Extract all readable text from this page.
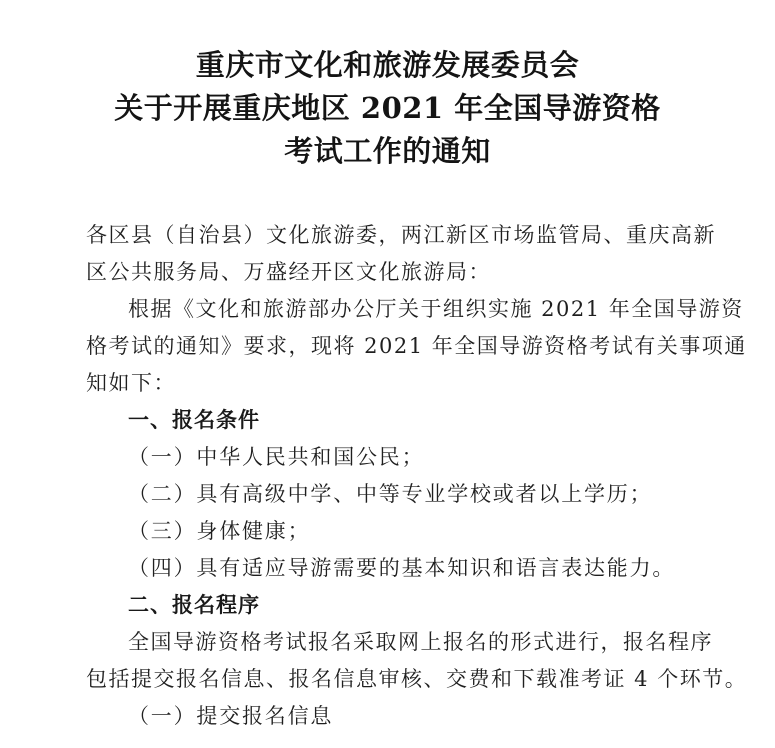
重庆市文化和旅游发展委员会
关于开展重庆地区 2021 年全国导游资格
考试工作的通知
各区县（自治县）文化旅游委，两江新区市场监管局、重庆高新
区公共服务局、万盛经开区文化旅游局：
根据《文化和旅游部办公厅关于组织实施 2021 年全国导游资
格考试的通知》要求，现将 2021 年全国导游资格考试有关事项通
知如下：
一、报名条件
（一）中华人民共和国公民；
（二）具有高级中学、中等专业学校或者以上学历；
（三）身体健康；
（四）具有适应导游需要的基本知识和语言表达能力。
二、报名程序
全国导游资格考试报名采取网上报名的形式进行，报名程序
包括提交报名信息、报名信息审核、交费和下载准考证 4 个环节。
（一）提交报名信息
